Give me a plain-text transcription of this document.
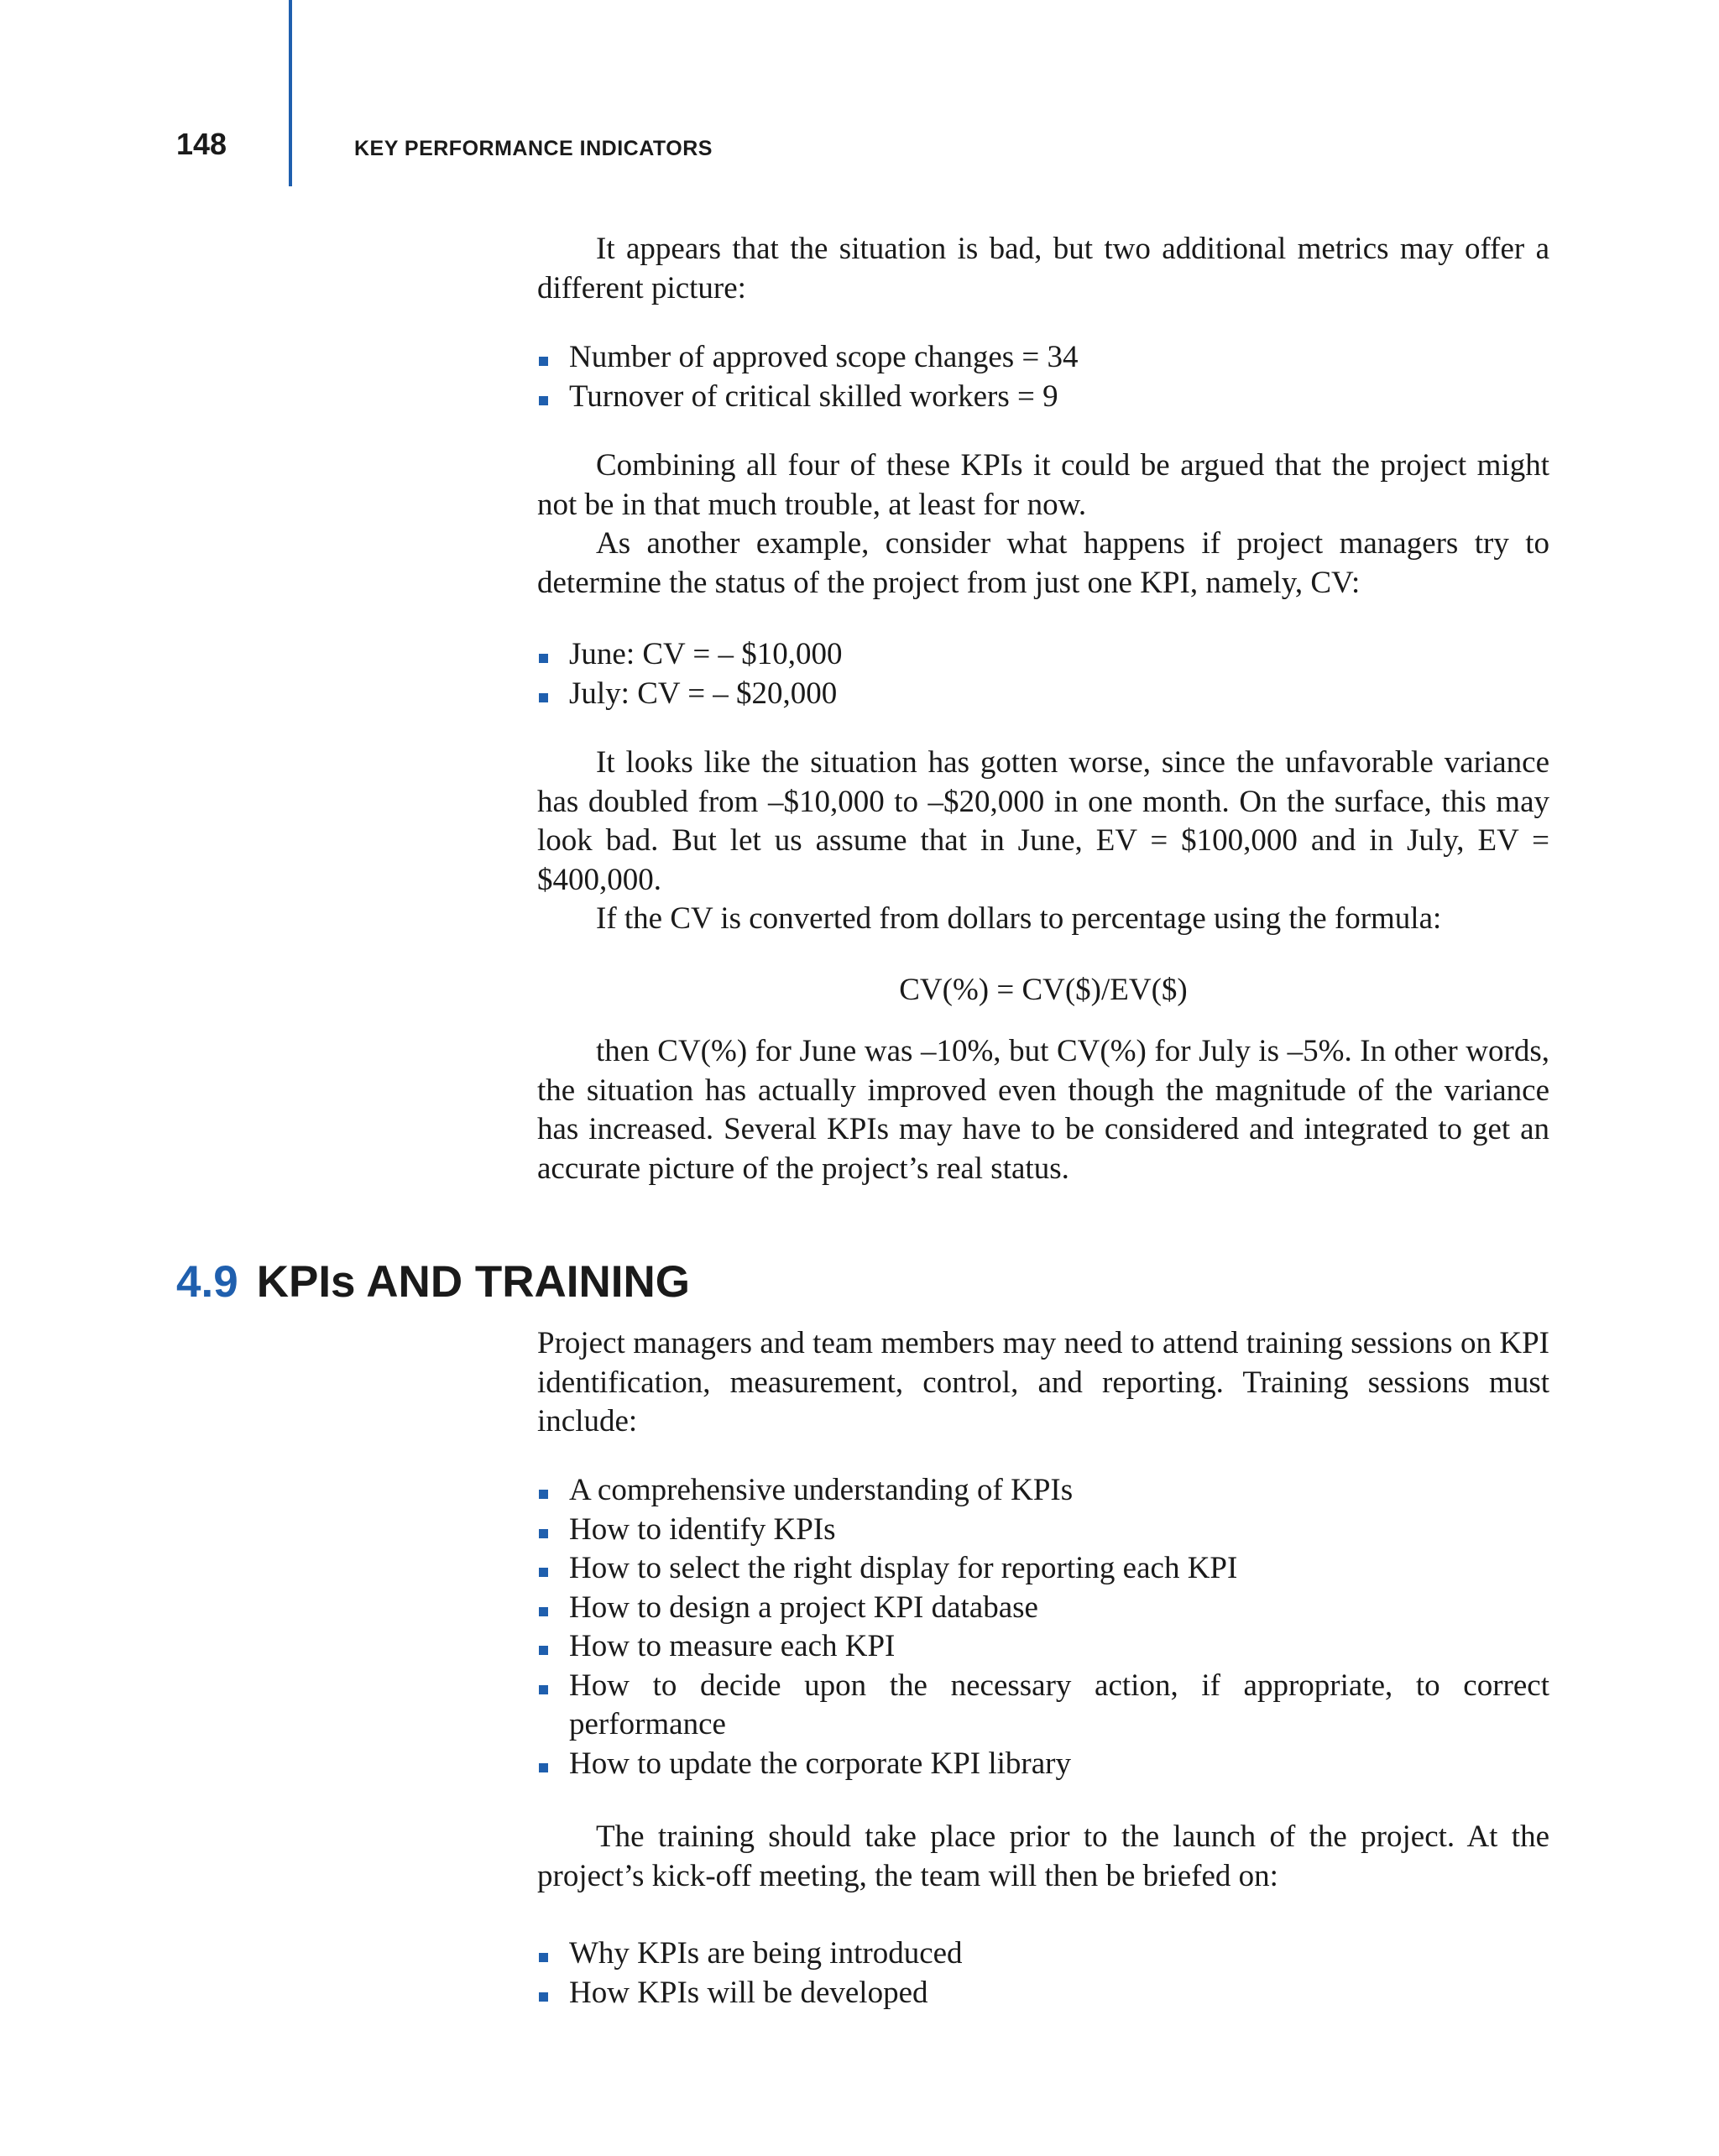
148	KEY PERFORMANCE INDICATORS

It appears that the situation is bad, but two additional metrics may offer a different picture:

Number of approved scope changes = 34
Turnover of critical skilled workers = 9

Combining all four of these KPIs it could be argued that the project might not be in that much trouble, at least for now.

As another example, consider what happens if project managers try to determine the status of the project from just one KPI, namely, CV:

June: CV = – $10,000
July: CV = – $20,000

It looks like the situation has gotten worse, since the unfavorable variance has doubled from –$10,000 to –$20,000 in one month. On the surface, this may look bad. But let us assume that in June, EV = $100,000 and in July, EV = $400,000.

If the CV is converted from dollars to percentage using the formula:

CV(%) = CV($)/EV($)

then CV(%) for June was –10%, but CV(%) for July is –5%. In other words, the situation has actually improved even though the magnitude of the variance has increased. Several KPIs may have to be considered and integrated to get an accurate picture of the project’s real status.

4.9 KPIs AND TRAINING

Project managers and team members may need to attend training sessions on KPI identification, measurement, control, and reporting. Training sessions must include:

A comprehensive understanding of KPIs
How to identify KPIs
How to select the right display for reporting each KPI
How to design a project KPI database
How to measure each KPI
How to decide upon the necessary action, if appropriate, to correct performance
How to update the corporate KPI library

The training should take place prior to the launch of the project. At the project’s kick-off meeting, the team will then be briefed on:

Why KPIs are being introduced
How KPIs will be developed
